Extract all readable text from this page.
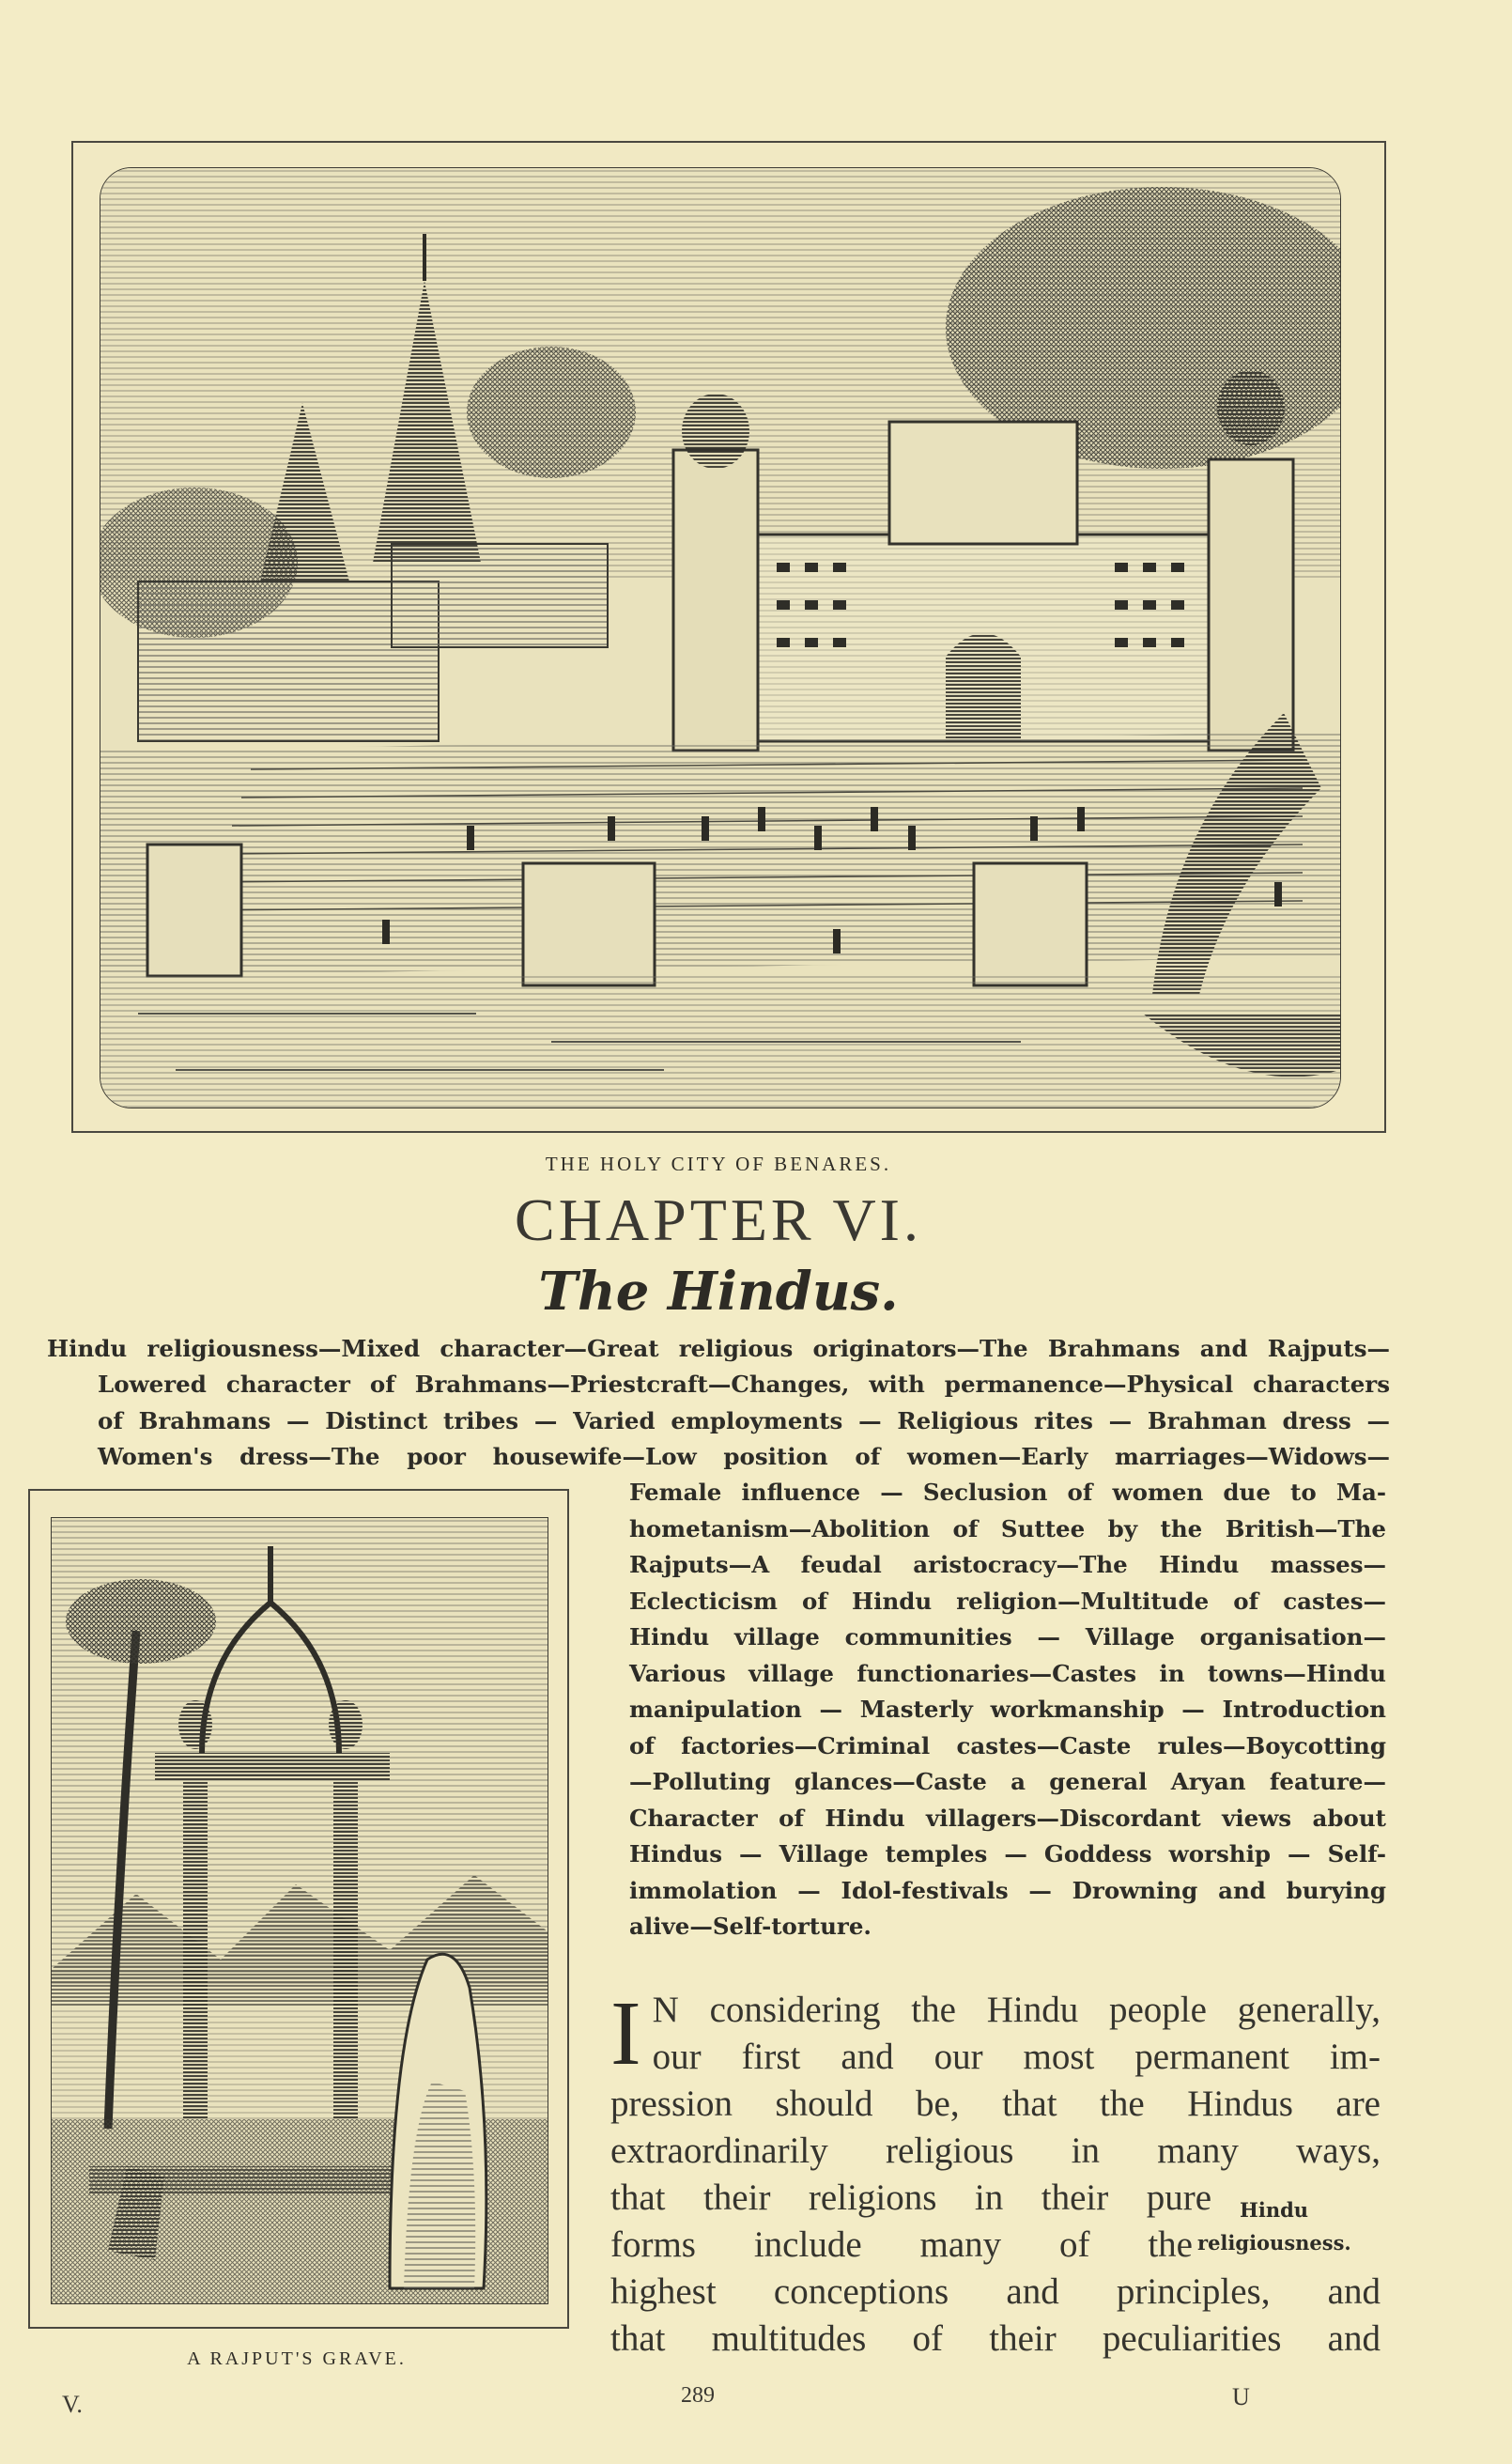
THE HOLY CITY OF BENARES.
CHAPTER VI.
The Hindus.
Hindu religiousness—Mixed character—Great religious originators—The Brahmans and Rajputs—
Lowered character of Brahmans—Priestcraft—Changes, with permanence—Physical characters
of Brahmans — Distinct tribes — Varied employments — Religious rites — Brahman dress —
Women's dress—The poor housewife—Low position of women—Early marriages—Widows—
Female influence — Seclusion of women due to Ma-
hometanism—Abolition of Suttee by the British—The
Rajputs—A feudal aristocracy—The Hindu masses—
Eclecticism of Hindu religion—Multitude of castes—
Hindu village communities — Village organisation—
Various village functionaries—Castes in towns—Hindu
manipulation — Masterly workmanship — Introduction
of factories—Criminal castes—Caste rules—Boycotting
—Polluting glances—Caste a general Aryan feature—
Character of Hindu villagers—Discordant views about
Hindus — Village temples — Goddess worship — Self-
immolation — Idol-festivals — Drowning and burying
alive—Self-torture.
A RAJPUT'S GRAVE.
I N considering the Hindu people generally,
our first and our most permanent im-
pression should be, that the Hindus are
extraordinarily religious in many ways,
that their religions in their pure
forms include many of the
highest conceptions and principles, and
that multitudes of their peculiarities and
Hindu
religiousness.
V.	289	U
